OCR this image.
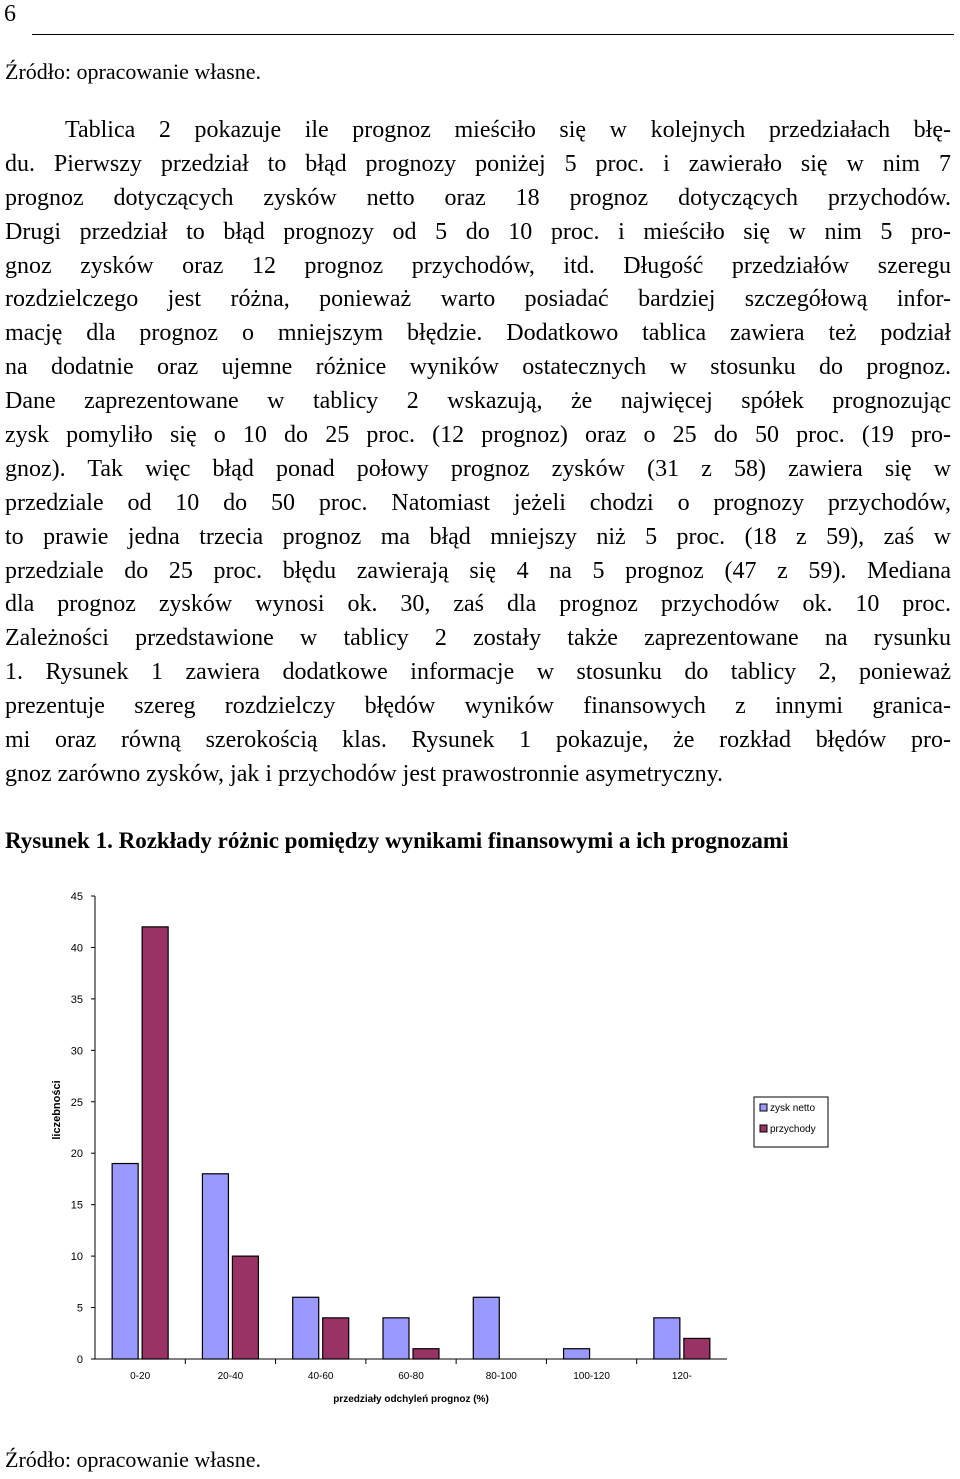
6
Źródło: opracowanie własne.
Tablica 2 pokazuje ile prognoz mieściło się w kolejnych przedziałach błę-
du. Pierwszy przedział to błąd prognozy poniżej 5 proc. i zawierało się w nim 7
prognoz dotyczących zysków netto oraz 18 prognoz dotyczących przychodów.
Drugi przedział to błąd prognozy od 5 do 10 proc. i mieściło się w nim 5 pro-
gnoz zysków oraz 12 prognoz przychodów, itd. Długość przedziałów szeregu
rozdzielczego jest różna, ponieważ warto posiadać bardziej szczegółową infor-
mację dla prognoz o mniejszym błędzie. Dodatkowo tablica zawiera też podział
na dodatnie oraz ujemne różnice wyników ostatecznych w stosunku do prognoz.
Dane zaprezentowane w tablicy 2 wskazują, że najwięcej spółek prognozując
zysk pomyliło się o 10 do 25 proc. (12 prognoz) oraz o 25 do 50 proc. (19 pro-
gnoz). Tak więc błąd ponad połowy prognoz zysków (31 z 58) zawiera się w
przedziale od 10 do 50 proc. Natomiast jeżeli chodzi o prognozy przychodów,
to prawie jedna trzecia prognoz ma błąd mniejszy niż 5 proc. (18 z 59), zaś w
przedziale do 25 proc. błędu zawierają się 4 na 5 prognoz (47 z 59). Mediana
dla prognoz zysków wynosi ok. 30, zaś dla prognoz przychodów ok. 10 proc.
Zależności przedstawione w tablicy 2 zostały także zaprezentowane na rysunku
1. Rysunek 1 zawiera dodatkowe informacje w stosunku do tablicy 2, ponieważ
prezentuje szereg rozdzielczy błędów wyników finansowych z innymi granica-
mi oraz równą szerokością klas. Rysunek 1 pokazuje, że rozkład błędów pro-
gnoz zarówno zysków, jak i przychodów jest prawostronnie asymetryczny.
Rysunek 1. Rozkłady różnic pomiędzy wynikami finansowymi a ich prognozami
0
5
10
15
20
25
30
35
40
45
0-20	20-40	40-60	60-80	80-100	100-120	120-
liczebności
przedziały odchyleń prognoz (%)
zysk netto
przychody
Źródło: opracowanie własne.
